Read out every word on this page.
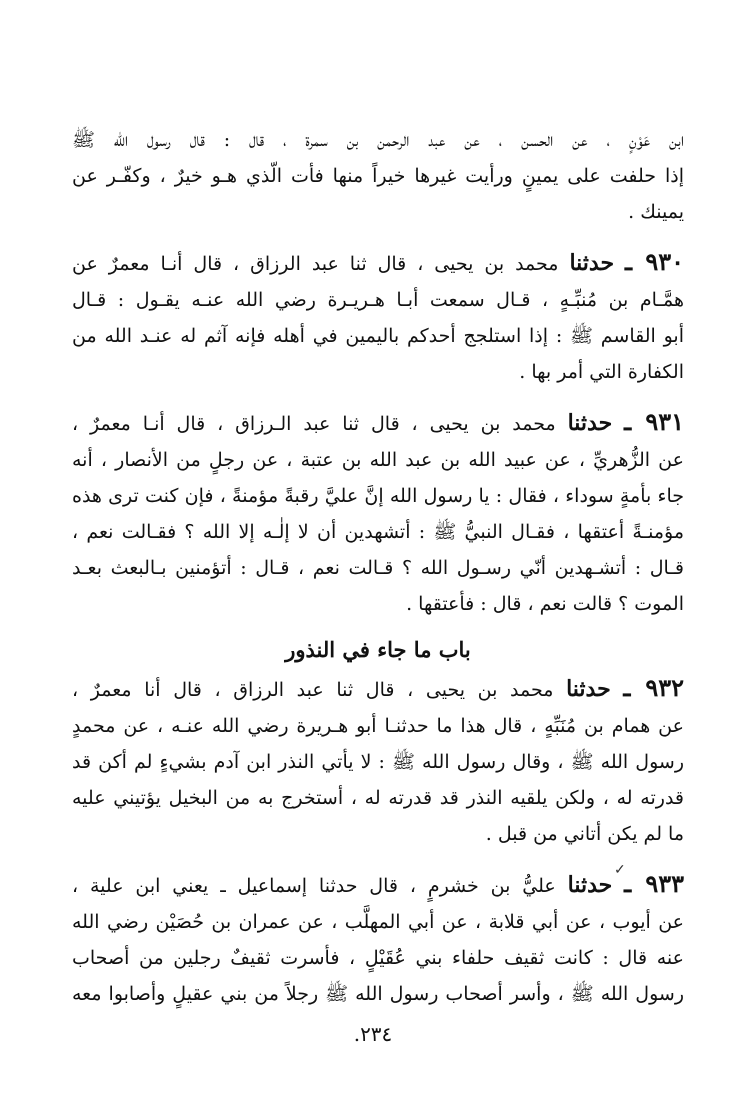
ابن عَوْنٍ ، عن الحسن ، عن عبد الرحمن بن سمرة ، قال : قال رسول الله ﷺ
إذا حلفت على يمينٍ ورأيت غيرها خيراً منها فأت الّذي هـو خيرٌ ، وكفّـر عن
يمينك .
٩٣٠ ـ حدثنا محمد بن يحيى ، قال ثنا عبد الرزاق ، قال أنـا معمرٌ عن
همَّـام بن مُنبِّـهٍ ، قـال سمعت أبـا هـريـرة رضي الله عنـه يقـول : قـال
أبو القاسم ﷺ : إذا استلجج أحدكم باليمين في أهله فإنه آثم له عنـد الله من
الكفارة التي أمر بها .
٩٣١ ـ حدثنا محمد بن يحيى ، قال ثنا عبد الـرزاق ، قال أنـا معمرٌ ،
عن الزُّهريِّ ، عن عبيد الله بن عبد الله بن عتبة ، عن رجلٍ من الأنصار ، أنه
جاء بأمةٍ سوداء ، فقال : يا رسول الله إنَّ عليَّ رقبةً مؤمنةً ، فإن كنت ترى هذه
مؤمنـةً أعتقها ، فقـال النبيُّ ﷺ : أتشهدين أن لا إلٰـه إلا الله ؟ فقـالت نعم ،
قـال : أتشـهدين أنّي رسـول الله ؟ قـالت نعم ، قـال : أتؤمنين بـالبعث بعـد
الموت ؟ قالت نعم ، قال : فأعتقها .
باب ما جاء في النذور
٩٣٢ ـ حدثنا محمد بن يحيى ، قال ثنا عبد الرزاق ، قال أنا معمرٌ ،
عن همام بن مُنَبِّهٍ ، قال هذا ما حدثنـا أبو هـريرة رضي الله عنـه ، عن محمدٍ
رسول الله ﷺ ، وقال رسول الله ﷺ : لا يأتي النذر ابن آدم بشيءٍ لم أكن قد
قدرته له ، ولكن يلقيه النذر قد قدرته له ، أستخرج به من البخيل يؤتيني عليه
ما لم يكن أتاني من قبل .
٩٣٣ ـ حدثنا عليُّ بن خشرمٍ ، قال حدثنا إسماعيل ـ يعني ابن علية ،
عن أيوب ، عن أبي قلابة ، عن أبي المهلَّب ، عن عمران بن حُصَيْن رضي الله
عنه قال : كانت ثقيف حلفاء بني عُقَيْلٍ ، فأسرت ثقيفٌ رجلين من أصحاب
رسول الله ﷺ ، وأسر أصحاب رسول الله ﷺ رجلاً من بني عقيلٍ وأصابوا معه
✓
٢٣٤.
